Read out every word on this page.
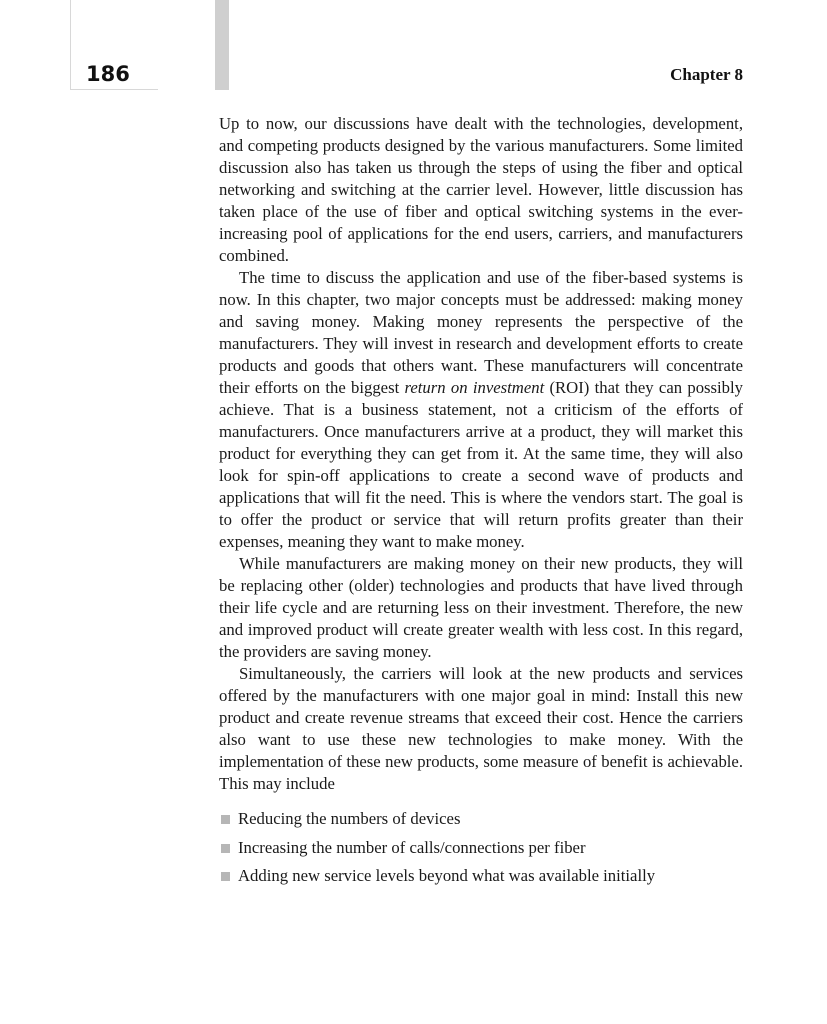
186	Chapter 8

Up to now, our discussions have dealt with the technologies, development, and competing products designed by the various manufacturers. Some limited discussion also has taken us through the steps of using the fiber and optical networking and switching at the carrier level. However, little discussion has taken place of the use of fiber and optical switching systems in the ever-increasing pool of applications for the end users, carriers, and manufacturers combined.

The time to discuss the application and use of the fiber-based systems is now. In this chapter, two major concepts must be addressed: making money and saving money. Making money represents the perspective of the manufacturers. They will invest in research and development efforts to create products and goods that others want. These manufacturers will concentrate their efforts on the biggest return on investment (ROI) that they can possibly achieve. That is a business statement, not a criticism of the efforts of manufacturers. Once manufacturers arrive at a product, they will market this product for everything they can get from it. At the same time, they will also look for spin-off applications to create a second wave of products and applications that will fit the need. This is where the vendors start. The goal is to offer the product or service that will return profits greater than their expenses, meaning they want to make money.

While manufacturers are making money on their new products, they will be replacing other (older) technologies and products that have lived through their life cycle and are returning less on their investment. Therefore, the new and improved product will create greater wealth with less cost. In this regard, the providers are saving money.

Simultaneously, the carriers will look at the new products and services offered by the manufacturers with one major goal in mind: Install this new product and create revenue streams that exceed their cost. Hence the carriers also want to use these new technologies to make money. With the implementation of these new products, some measure of benefit is achievable. This may include

Reducing the numbers of devices
Increasing the number of calls/connections per fiber
Adding new service levels beyond what was available initially
